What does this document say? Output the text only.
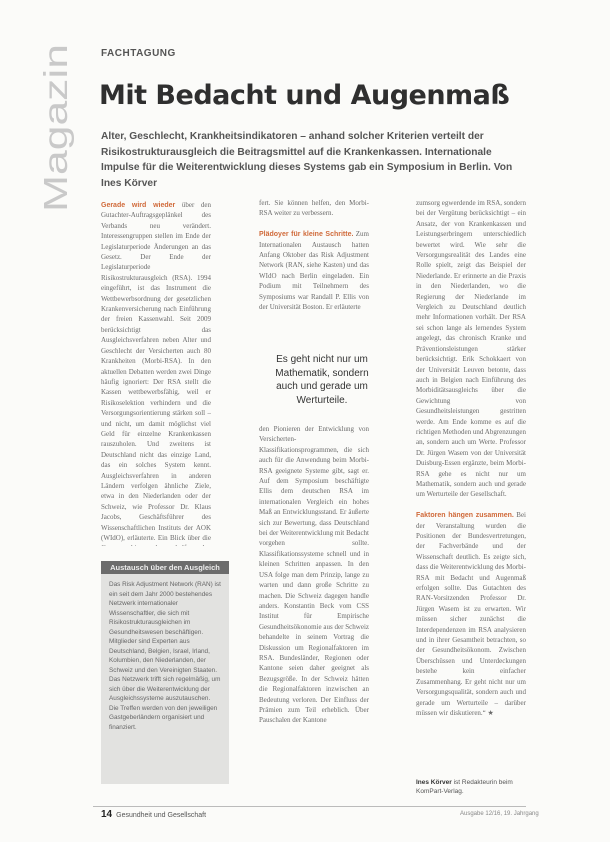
Magazin
FACHTAGUNG
Mit Bedacht und Augenmaß
Alter, Geschlecht, Krankheitsindikatoren – anhand solcher Kriterien verteilt der Risikostrukturausgleich die Beitragsmittel auf die Krankenkassen. Internationale Impulse für die Weiterentwicklung dieses Systems gab ein Symposium in Berlin. Von Ines Körver
Gerade wird wieder über den Gutachter-Auftragsgeplänkel des Verbands neu verändert. Interessengruppen stellen im Ende der Legislaturperiode Änderungen an das Gesetz. Der Ende der Legislaturperiode Risikostrukturausgleich (RSA). 1994 eingeführt, ist das Instrument die Wettbewerbsordnung der gesetzlichen Krankenversicherung nach Einführung der freien Kassenwahl. Seit 2009 berücksichtigt das Ausgleichsverfahren neben Alter und Geschlecht der Versicherten auch 80 Krankheiten (Morbi-RSA). In den aktuellen Debatten werden zwei Dinge häufig ignoriert: Der RSA stellt die Kassen wettbewerbsfähig, weil er Risikoselektion verhindern und die Versorgungsorientierung stärken soll – und nicht, um damit möglichst viel Geld für einzelne Krankenkassen rauszuholen. Und zweitens ist Deutschland nicht das einzige Land, das ein solches System kennt. Ausgleichsverfahren in anderen Ländern verfolgen ähnliche Ziele, etwa in den Niederlanden oder der Schweiz, wie Professor Dr. Klaus Jacobs, Geschäftsführer des Wissenschaftlichen Instituts der AOK (WIdO), erläuterte. Ein Blick über die
Austausch über den Ausgleich
Das Risk Adjustment Network (RAN) ist ein seit dem Jahr 2000 bestehendes Netzwerk internationaler Wissenschaftler, die sich mit Risikostrukturausgleichen im Gesundheitswesen beschäftigen. Mitglieder sind Experten aus Deutschland, Belgien, Israel, Irland, Kolumbien, den Niederlanden, der Schweiz und den Vereinigten Staaten. Das Netzwerk trifft sich regelmäßig, um sich über die Weiterentwicklung der Ausgleichssysteme auszutauschen. Die Treffen werden von den jeweiligen Gastgeberländern organisiert und finanziert.
fert. Sie können helfen, den Morbi-RSA weiter zu verbessern.

Plädoyer für kleine Schritte. Zum Internationalen Austausch hatten Anfang Oktober das Risk Adjustment Network (RAN, siehe Kasten) und das WIdO nach Berlin eingeladen. Ein Podium mit Teilnehmern des Symposiums war Randall P. Ellis von der Universität Boston. Er erläuterte
Es geht nicht nur um Mathematik, sondern auch und gerade um Werturteile.
den Pionieren der Entwicklung von Versicherten-Klassifikationsprogrammen, die sich auch für die Anwendung beim Morbi-RSA geeignete Systeme gibt, sagt er. Auf dem Symposium beschäftigte Ellis dem deutschen RSA im internationalen Vergleich ein hohes Maß an Entwicklungsstand. Er äußerte sich zur Bewertung, dass Deutschland bei der Weiterentwicklung mit Bedacht vorgehen sollte. Klassifikationssysteme schnell und in kleinen Schritten anpassen. In den USA folge man dem Prinzip, lange zu warten und dann große Schritte zu machen. Die Schweiz dagegen handle anders. Konstantin Beck vom CSS Institut für Empirische Gesundheitsökonomie aus der Schweiz behandelte in seinem Vortrag die Diskussion um Regionalfaktoren im RSA. Bundesländer, Regionen oder Kantone seien daher geeignet als Bezugsgröße. In der Schweiz hätten die Regionalfaktoren inzwischen an Bedeutung verloren. Der Einfluss der Prämien zum Teil erheblich. Über Pauschalen der Kantone
zumsorg egwerdende im RSA, sondern bei der Vergütung berücksichtigt – ein Ansatz, der von Krankenkassen und Leistungserbringern unterschiedlich bewertet wird. Wie sehr die Versorgungsrealität des Landes eine Rolle spielt, zeigt das Beispiel der Niederlande. Er erinnerte an die Praxis in den Niederlanden, wo die Regierung der Niederlande im Vergleich zu Deutschland deutlich mehr Informationen vorhält. Der RSA sei schon lange als lernendes System angelegt, das chronisch Kranke und Präventionsleistungen stärker berücksichtigt. Erik Schokkaert von der Universität Leuven betonte, dass auch in Belgien nach Einführung des Morbiditätsausgleichs über die Gewichtung von Gesundheitsleistungen gestritten werde. Am Ende komme es auf die richtigen Methoden und Abgrenzungen an, sondern auch um Werte. Professor Dr. Jürgen Wasem von der Universität Duisburg-Essen ergänzte, beim Morbi-RSA gehe es nicht nur um Mathematik, sondern auch und gerade um Werturteile der Gesellschaft.

Faktoren hängen zusammen. Bei der Veranstaltung wurden die Positionen der Bundesvertretungen, der Fachverbände und der Wissenschaft deutlich. Es zeigte sich, dass die Weiterentwicklung des Morbi-RSA mit Bedacht und Augenmaß erfolgen sollte. Das Gutachten des RAN-Vorsitzenden Professor Dr. Jürgen Wasem ist zu erwarten. Wir müssen sicher zunächst die Interdependenzen im RSA analysieren und in ihrer Gesamtheit betrachten, so der Gesundheitsökonom. Zwischen Überschüssen und Unterdeckungen bestehe kein einfacher Zusammenhang. Er geht nicht nur um Versorgungsqualität, sondern auch und gerade um Werturteile – darüber müssen wir diskutieren.“ ★
Ines Körver ist Redakteurin beim KomPart-Verlag.
14 Gesundheit und Gesellschaft	Ausgabe 12/16, 19. Jahrgang
